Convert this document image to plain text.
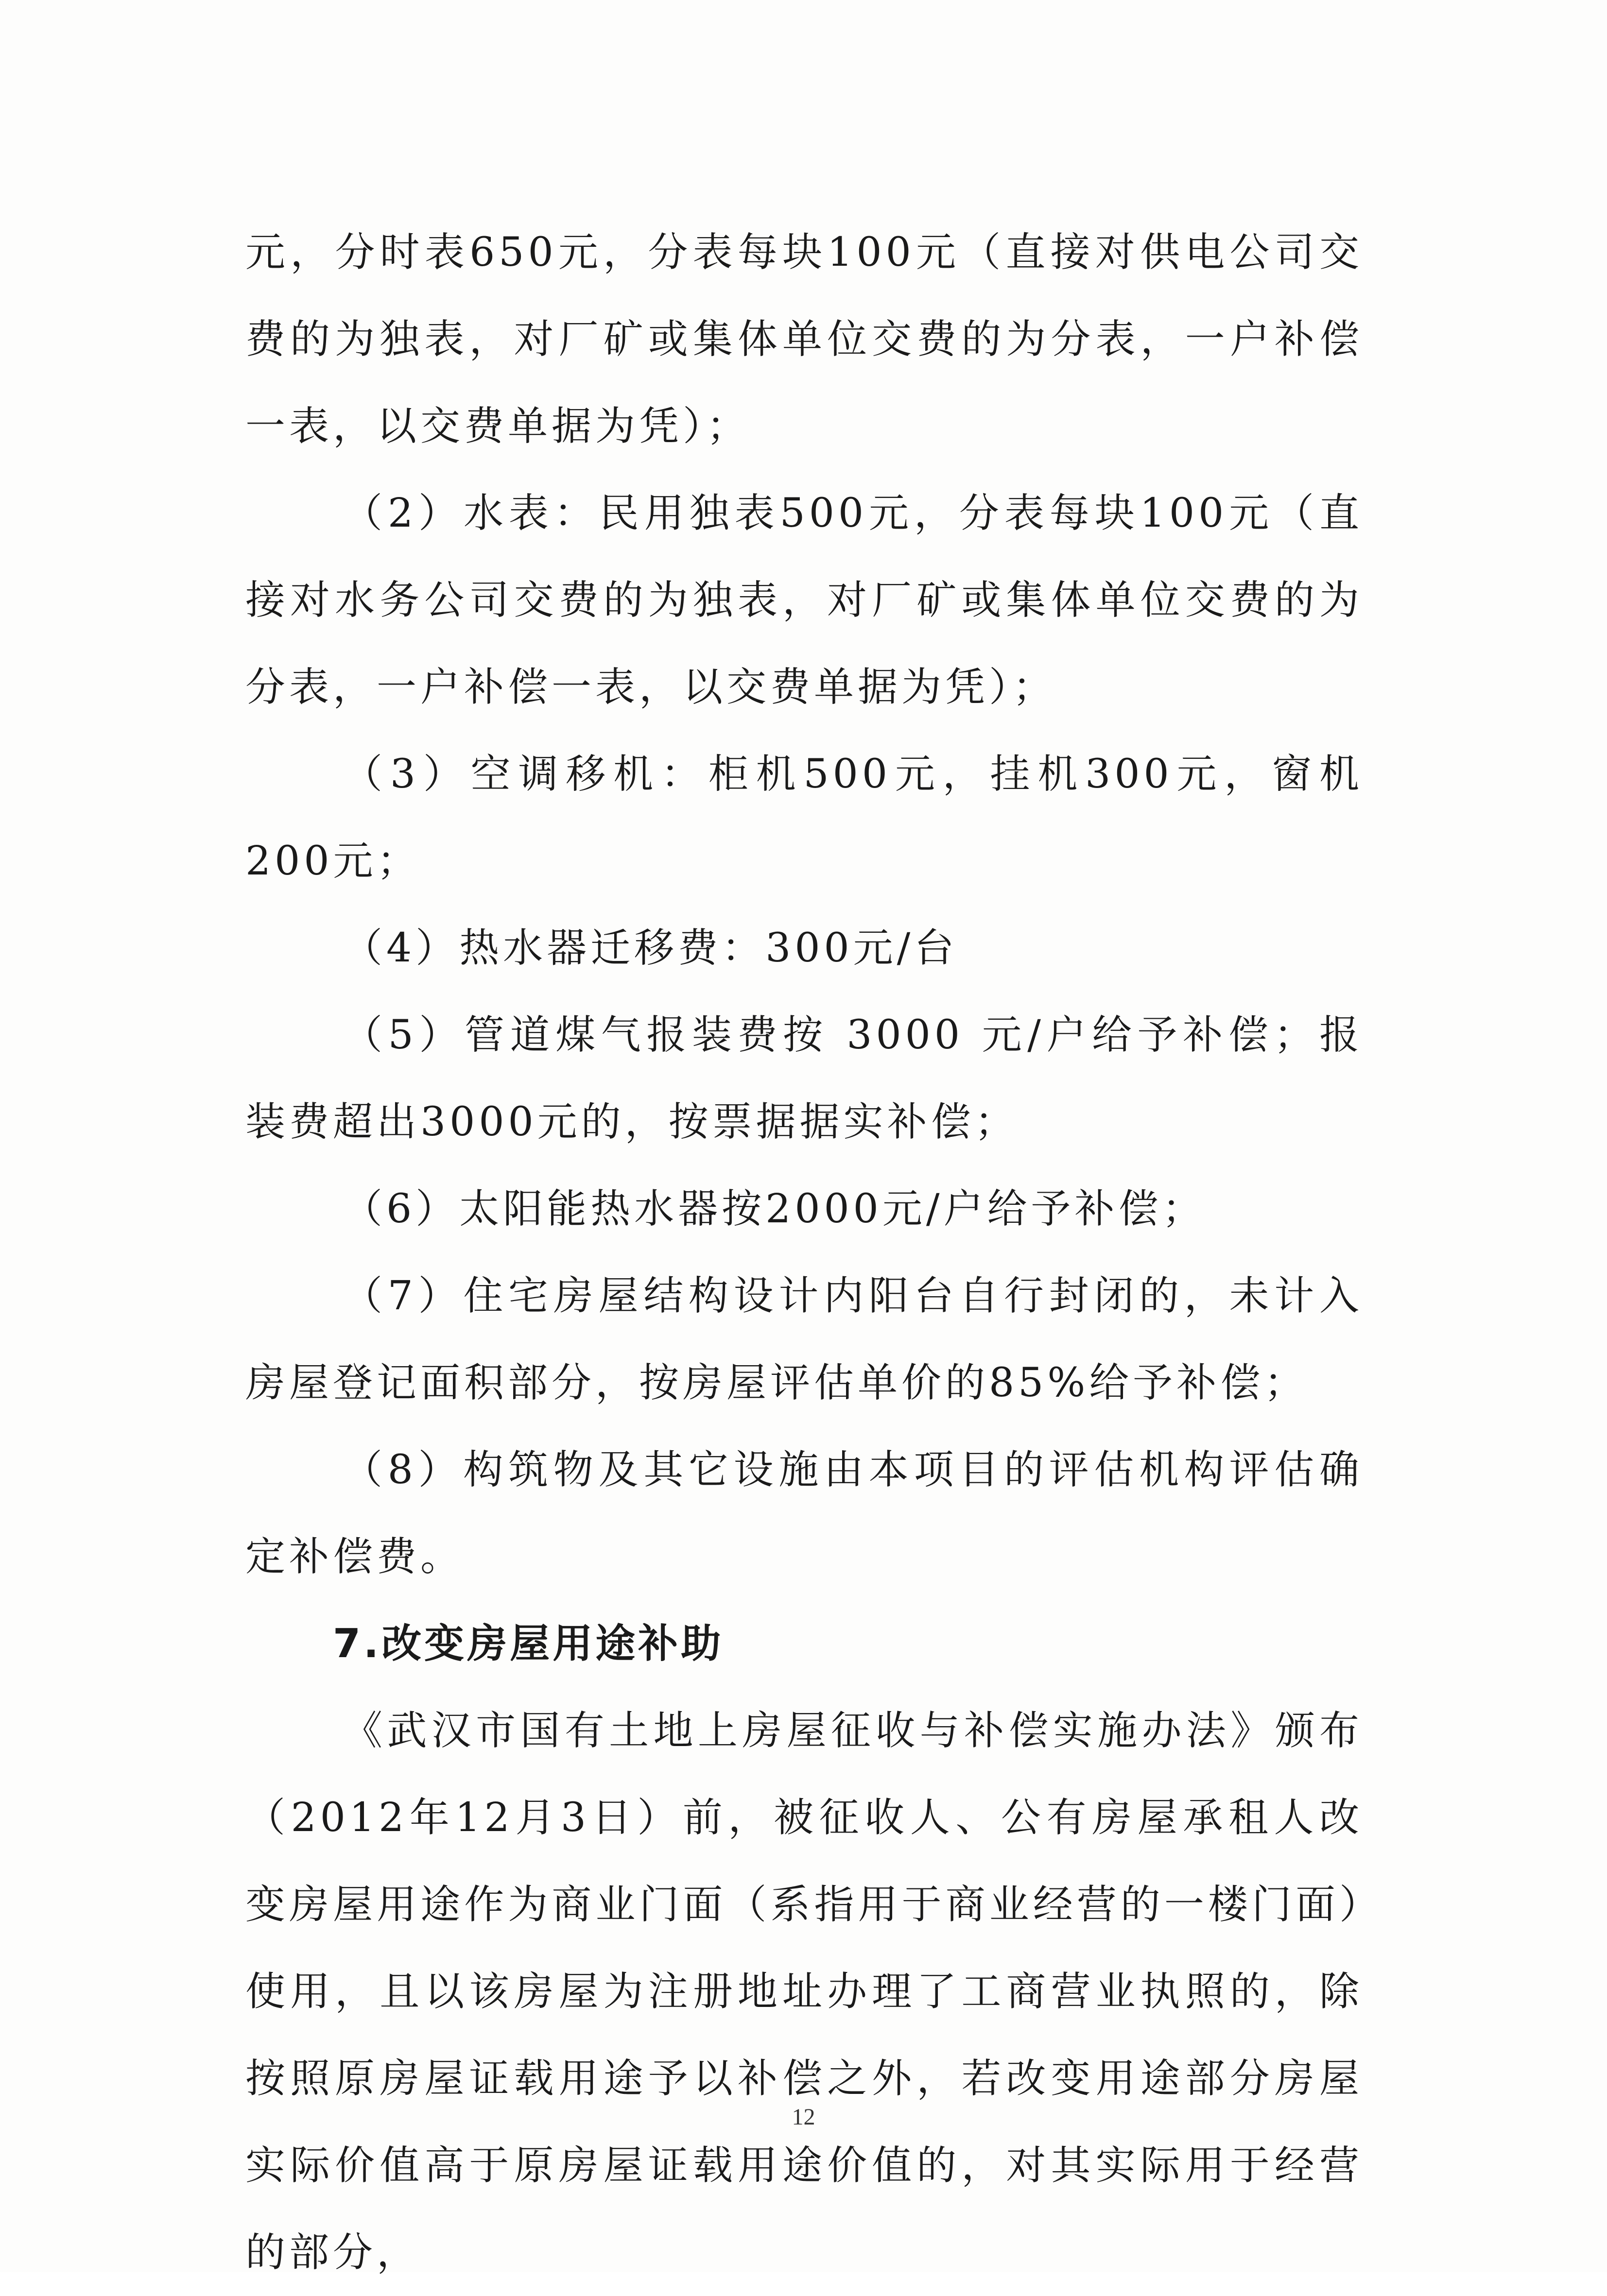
元，分时表650元，分表每块100元（直接对供电公司交费的为独表，对厂矿或集体单位交费的为分表，一户补偿一表，以交费单据为凭）；

（2）水表：民用独表500元，分表每块100元（直接对水务公司交费的为独表，对厂矿或集体单位交费的为分表，一户补偿一表，以交费单据为凭）；

（3）空调移机：柜机500元，挂机300元，窗机200元；

（4）热水器迁移费：300元/台

（5）管道煤气报装费按 3000 元/户给予补偿；报装费超出3000元的，按票据据实补偿；

（6）太阳能热水器按2000元/户给予补偿；

（7）住宅房屋结构设计内阳台自行封闭的，未计入房屋登记面积部分，按房屋评估单价的85%给予补偿；

（8）构筑物及其它设施由本项目的评估机构评估确定补偿费。

7.改变房屋用途补助

《武汉市国有土地上房屋征收与补偿实施办法》颁布（2012年12月3日）前，被征收人、公有房屋承租人改变房屋用途作为商业门面（系指用于商业经营的一楼门面）使用，且以该房屋为注册地址办理了工商营业执照的，除按照原房屋证载用途予以补偿之外，若改变用途部分房屋实际价值高于原房屋证载用途价值的，对其实际用于经营的部分，

12
